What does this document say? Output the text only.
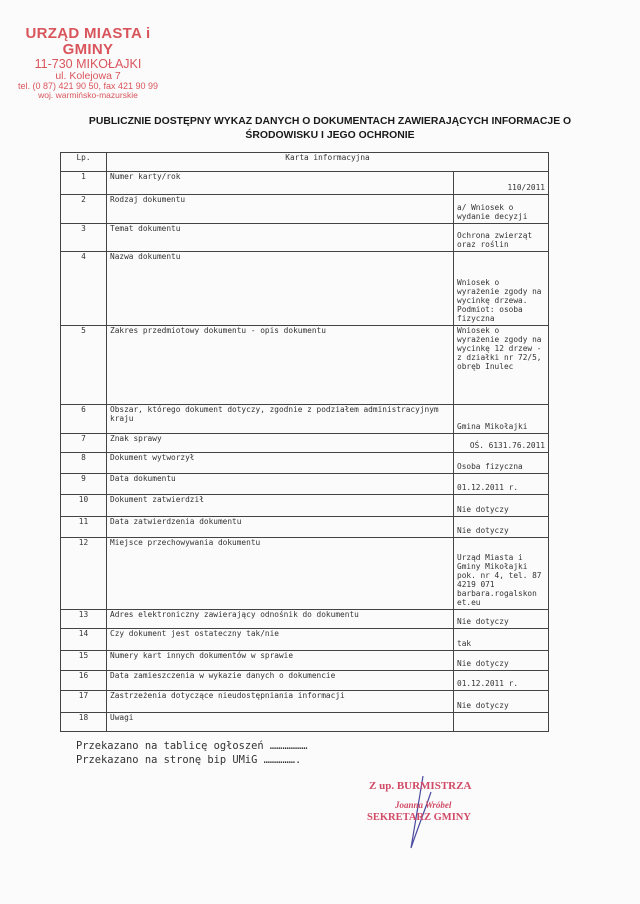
URZĄD MIASTA i GMINY
11-730 MIKOŁAJKI
ul. Kolejowa 7
tel. (0 87) 421 90 50, fax 421 90 99
woj. warmińsko-mazurskie
PUBLICZNIE DOSTĘPNY WYKAZ DANYCH O DOKUMENTACH ZAWIERAJĄCYCH INFORMACJE O
ŚRODOWISKU I JEGO OCHRONIE
Lp.	Karta informacyjna	
1	Numer karty/rok	110/2011
2	Rodzaj dokumentu	a/ Wniosek o wydanie decyzji
3	Temat dokumentu	Ochrona zwierząt oraz roślin
4	Nazwa dokumentu	Wniosek o wyrażenie zgody na wycinkę drzewa. Podmiot: osoba fizyczna
5	Zakres przedmiotowy dokumentu - opis dokumentu	Wniosek o wyrażenie zgody na wycinkę 12 drzew - z działki nr 72/5, obręb Inulec
6	Obszar, którego dokument dotyczy, zgodnie z podziałem administracyjnym kraju	Gmina Mikołajki
7	Znak sprawy	OŚ. 6131.76.2011
8	Dokument wytworzył	Osoba fizyczna
9	Data dokumentu	01.12.2011 r.
10	Dokument zatwierdził	Nie dotyczy
11	Data zatwierdzenia dokumentu	Nie dotyczy
12	Miejsce przechowywania dokumentu	Urząd Miasta i Gminy Mikołajki pok. nr 4, tel. 87 4219 071 barbara.rogalskon et.eu
13	Adres elektroniczny zawierający odnośnik do dokumentu	Nie dotyczy
14	Czy dokument jest ostateczny tak/nie	tak
15	Numery kart innych dokumentów w sprawie	Nie dotyczy
16	Data zamieszczenia w wykazie danych o dokumencie	01.12.2011 r.
17	Zastrzeżenia dotyczące nieudostępniania informacji	Nie dotyczy
18	Uwagi	
Przekazano na tablicę ogłoszeń ………………
Przekazano na stronę bip UMiG …………….
Z up. BURMISTRZA
Joanna Wróbel
SEKRETARZ GMINY
